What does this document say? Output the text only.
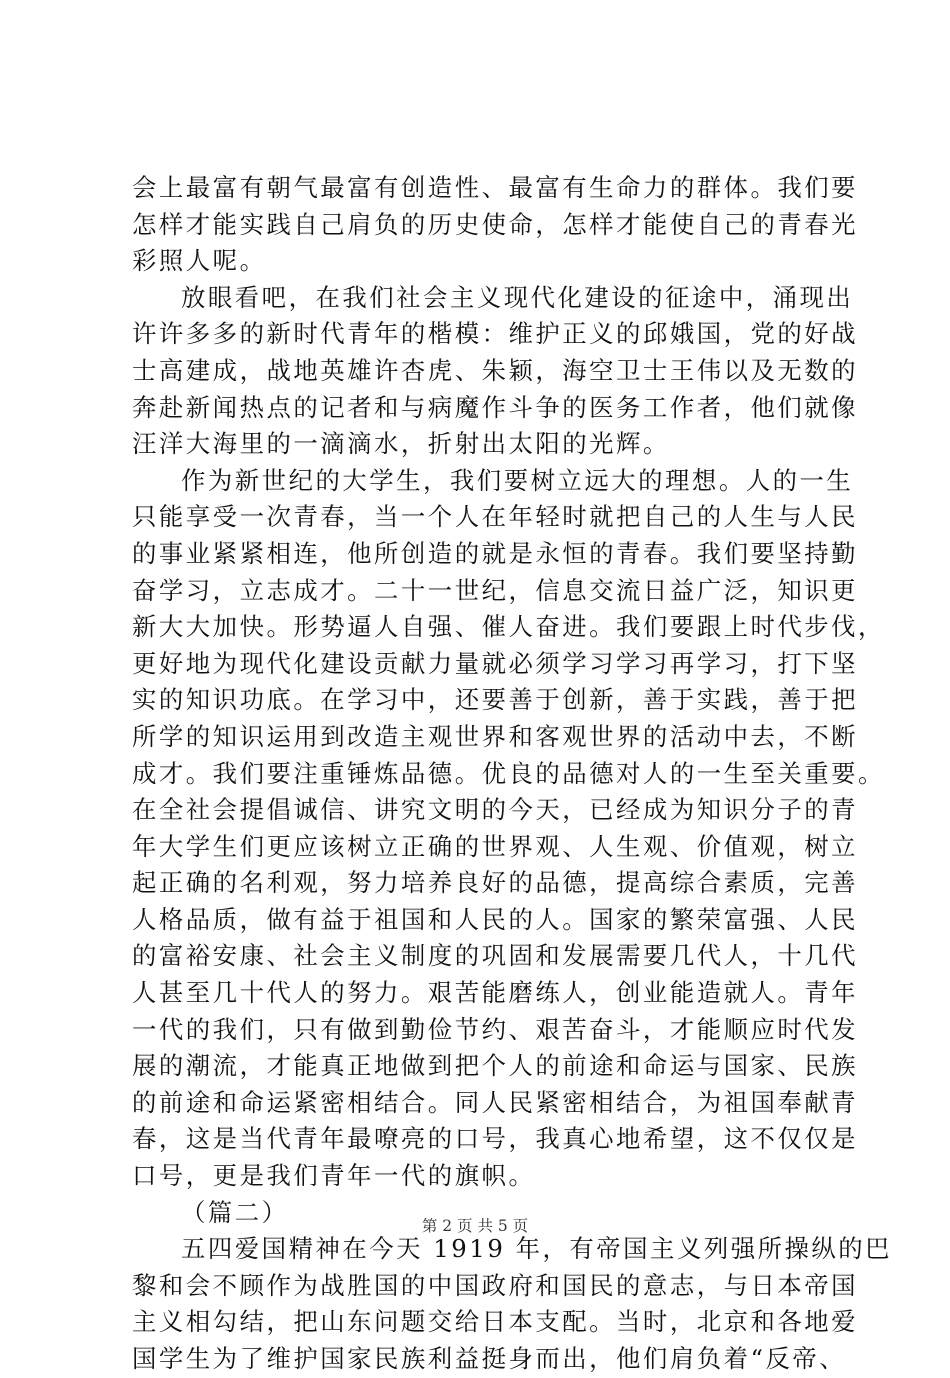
会上最富有朝气最富有创造性、最富有生命力的群体。我们要
怎样才能实践自己肩负的历史使命，怎样才能使自己的青春光
彩照人呢。
放眼看吧，在我们社会主义现代化建设的征途中，涌现出
许许多多的新时代青年的楷模：维护正义的邱娥国，党的好战
士高建成，战地英雄许杏虎、朱颖，海空卫士王伟以及无数的
奔赴新闻热点的记者和与病魔作斗争的医务工作者，他们就像
汪洋大海里的一滴滴水，折射出太阳的光辉。
作为新世纪的大学生，我们要树立远大的理想。人的一生
只能享受一次青春，当一个人在年轻时就把自己的人生与人民
的事业紧紧相连，他所创造的就是永恒的青春。我们要坚持勤
奋学习，立志成才。二十一世纪，信息交流日益广泛，知识更
新大大加快。形势逼人自强、催人奋进。我们要跟上时代步伐，
更好地为现代化建设贡献力量就必须学习学习再学习，打下坚
实的知识功底。在学习中，还要善于创新，善于实践，善于把
所学的知识运用到改造主观世界和客观世界的活动中去，不断
成才。我们要注重锤炼品德。优良的品德对人的一生至关重要。
在全社会提倡诚信、讲究文明的今天，已经成为知识分子的青
年大学生们更应该树立正确的世界观、人生观、价值观，树立
起正确的名利观，努力培养良好的品德，提高综合素质，完善
人格品质，做有益于祖国和人民的人。国家的繁荣富强、人民
的富裕安康、社会主义制度的巩固和发展需要几代人，十几代
人甚至几十代人的努力。艰苦能磨练人，创业能造就人。青年
一代的我们，只有做到勤俭节约、艰苦奋斗，才能顺应时代发
展的潮流，才能真正地做到把个人的前途和命运与国家、民族
的前途和命运紧密相结合。同人民紧密相结合，为祖国奉献青
春，这是当代青年最嘹亮的口号，我真心地希望，这不仅仅是
口号，更是我们青年一代的旗帜。
（篇二）
五四爱国精神在今天 1919 年，有帝国主义列强所操纵的巴
黎和会不顾作为战胜国的中国政府和国民的意志，与日本帝国
主义相勾结，把山东问题交给日本支配。当时，北京和各地爱
国学生为了维护国家民族利益挺身而出，他们肩负着“反帝、
第 2 页 共 5 页
